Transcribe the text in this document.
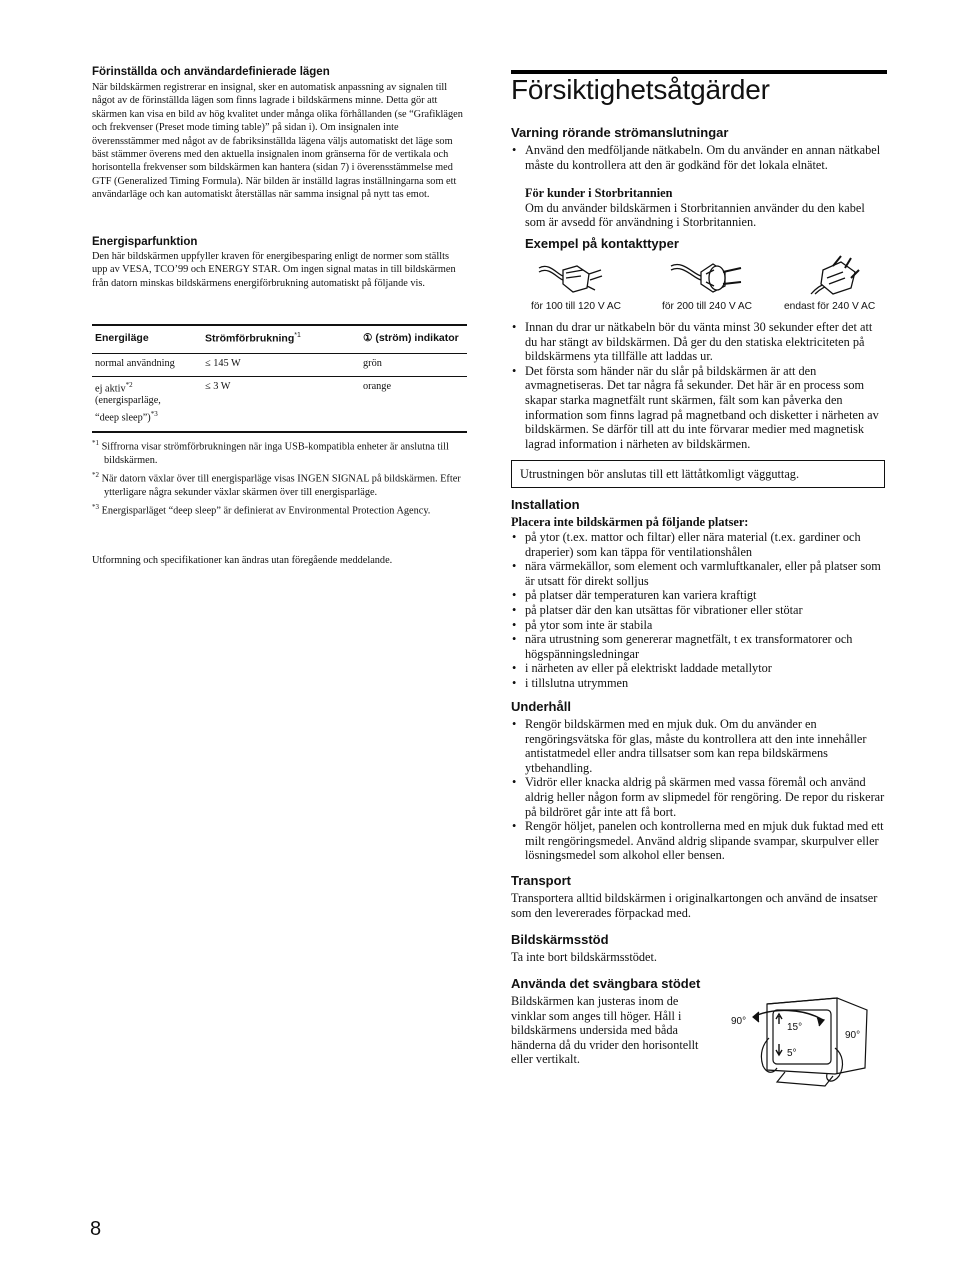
Förinställda och användardefinierade lägen

När bildskärmen registrerar en insignal, sker en automatisk anpassning av signalen till något av de förinställda lägen som finns lagrade i bildskärmens minne. Detta gör att skärmen kan visa en bild av hög kvalitet under många olika förhållanden (se “Grafiklägen och frekvenser (Preset mode timing table)” på sidan i). Om insignalen inte överensstämmer med något av de fabriksinställda lägena väljs automatiskt det läge som bäst stämmer överens med den aktuella insignalen inom gränserna för de vertikala och horisontella frekvenser som bildskärmen kan hantera (sidan 7) i överensstämmelse med GTF (Generalized Timing Formula). När bilden är inställd lagras inställningarna som ett användarläge och kan automatiskt återställas när samma insignal på nytt tas emot.

Energisparfunktion

Den här bildskärmen uppfyller kraven för energibesparing enligt de normer som ställts upp av VESA, TCO’99 och ENERGY STAR. Om ingen signal matas in till bildskärmen från datorn minskas bildskärmens energiförbrukning automatiskt på följande vis.

Energiläge	Strömförbrukning$^{*1}$	① (ström) indikator
normal användning	≤ 145 W	grön

ej aktiv$^{*2}$
(energisparläge,
“deep sleep”)$^{*3}$	≤ 3 W	orange

$^{*1}$ Siffrorna visar strömförbrukningen när inga USB-kompatibla enheter är anslutna till bildskärmen.

$^{*2}$ När datorn växlar över till energisparläge visas INGEN SIGNAL på bildskärmen. Efter ytterligare några sekunder växlar skärmen över till energisparläge.

$^{*3}$ Energisparläget “deep sleep” är definierat av Environmental Protection Agency.

Utformning och specifikationer kan ändras utan föregående meddelande.
Försiktighetsåtgärder
Varning rörande strömanslutningar
• Använd den medföljande nätkabeln. Om du använder en annan nätkabel måste du kontrollera att den är godkänd för det lokala elnätet.
För kunder i Storbritannien
Om du använder bildskärmen i Storbritannien använder du den kabel som är avsedd för användning i Storbritannien.
Exempel på kontakttyper
för 100 till 120 V AC	för 200 till 240 V AC	endast för 240 V AC
• Innan du drar ur nätkabeln bör du vänta minst 30 sekunder efter det att du har stängt av bildskärmen. Då ger du den statiska elektriciteten på bildskärmens yta tillfälle att laddas ur.
• Det första som händer när du slår på bildskärmen är att den avmagnetiseras. Det tar några få sekunder. Det här är en process som skapar starka magnetfält runt skärmen, fält som kan påverka den information som finns lagrad på magnetband och disketter i närheten av bildskärmen. Se därför till att du inte förvarar medier med magnetisk lagrad information i närheten av bildskärmen.
Utrustningen bör anslutas till ett lättåtkomligt vägguttag.
Installation
Placera inte bildskärmen på följande platser:
• på ytor (t.ex. mattor och filtar) eller nära material (t.ex. gardiner och draperier) som kan täppa för ventilationshålen
• nära värmekällor, som element och varmluftkanaler, eller på platser som är utsatt för direkt solljus
• på platser där temperaturen kan variera kraftigt
• på platser där den kan utsättas för vibrationer eller stötar
• på ytor som inte är stabila
• nära utrustning som genererar magnetfält, t ex transformatorer och högspänningsledningar
• i närheten av eller på elektriskt laddade metallytor
• i tillslutna utrymmen
Underhåll
• Rengör bildskärmen med en mjuk duk. Om du använder en rengöringsvätska för glas, måste du kontrollera att den inte innehåller antistatmedel eller andra tillsatser som kan repa bildskärmens ytbehandling.
• Vidrör eller knacka aldrig på skärmen med vassa föremål och använd aldrig heller någon form av slipmedel för rengöring. De repor du riskerar på bildröret går inte att få bort.
• Rengör höljet, panelen och kontrollerna med en mjuk duk fuktad med ett milt rengöringsmedel. Använd aldrig slipande svampar, skurpulver eller lösningsmedel som alkohol eller bensen.
Transport

Transportera alltid bildskärmen i originalkartongen och använd de insatser som den levererades förpackad med.

Bildskärmsstöd

Ta inte bort bildskärmsstödet.

Använda det svängbara stödet

Bildskärmen kan justeras inom de vinklar som anges till höger. Håll i bildskärmens undersida med båda händerna då du vrider den horisontellt eller vertikalt.

90°
90°
15°
5°
8
